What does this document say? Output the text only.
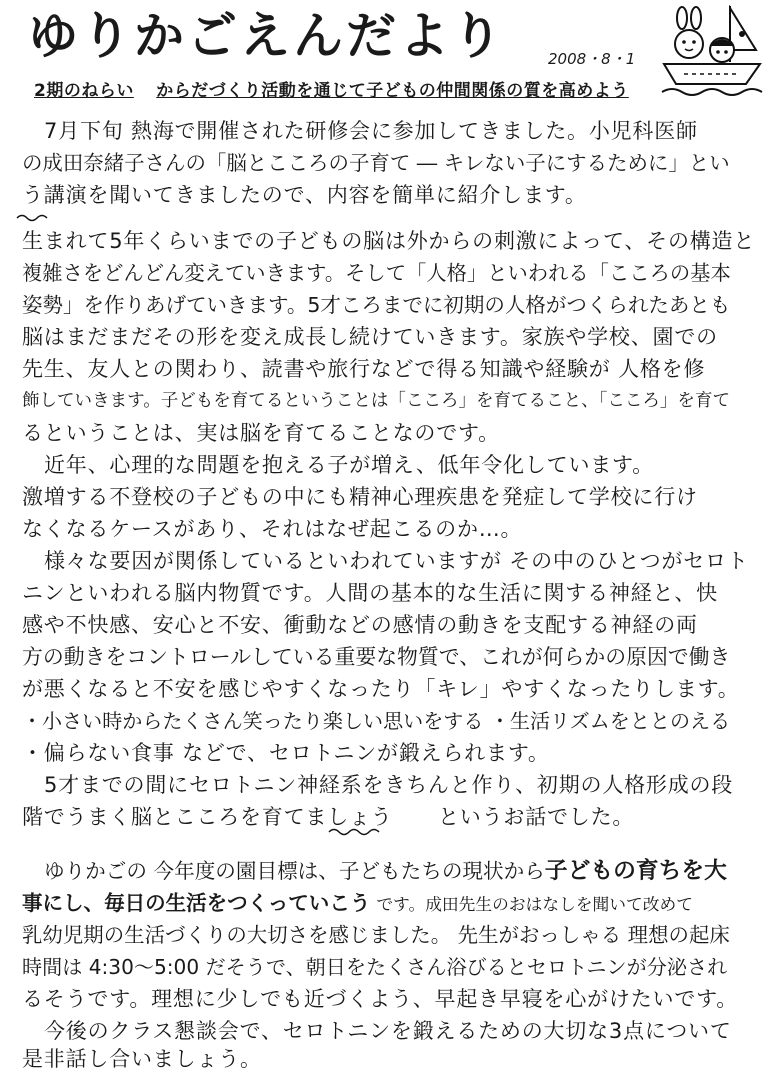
ゆりかごえんだより	2008・8・1
2期のねらい からだづくり活動を通じて子どもの仲間関係の質を高めよう
7月下旬 熱海で開催された研修会に参加してきました。小児科医師
の成田奈緒子さんの「脳とこころの子育て ― キレない子にするために」とい
う講演を聞いてきましたので、内容を簡単に紹介します。
生まれて5年くらいまでの子どもの脳は外からの刺激によって、その構造と
複雑さをどんどん変えていきます。そして「人格」といわれる「こころの基本
姿勢」を作りあげていきます。5才ころまでに初期の人格がつくられたあとも
脳はまだまだその形を変え成長し続けていきます。家族や学校、園での
先生、友人との関わり、読書や旅行などで得る知識や経験が 人格を修
飾していきます。子どもを育てるということは「こころ」を育てること、「こころ」を育て
るということは、実は脳を育てることなのです。
近年、心理的な問題を抱える子が増え、低年令化しています。
激増する不登校の子どもの中にも精神心理疾患を発症して学校に行け
なくなるケースがあり、それはなぜ起こるのか…。
様々な要因が関係しているといわれていますが その中のひとつがセロト
ニンといわれる脳内物質です。人間の基本的な生活に関する神経と、快
感や不快感、安心と不安、衝動などの感情の動きを支配する神経の両
方の動きをコントロールしている重要な物質で、これが何らかの原因で働き
が悪くなると不安を感じやすくなったり「キレ」やすくなったりします。
・小さい時からたくさん笑ったり楽しい思いをする ・生活リズムをととのえる
・偏らない食事 などで、セロトニンが鍛えられます。
5才までの間にセロトニン神経系をきちんと作り、初期の人格形成の段
階でうまく脳とこころを育てましょう というお話でした。
ゆりかごの 今年度の園目標は、子どもたちの現状から子どもの育ちを大
事にし、毎日の生活をつくっていこう です。成田先生のおはなしを聞いて改めて
乳幼児期の生活づくりの大切さを感じました。 先生がおっしゃる 理想の起床
時間は 4:30～5:00 だそうで、朝日をたくさん浴びるとセロトニンが分泌され
るそうです。理想に少しでも近づくよう、早起き早寝を心がけたいです。
今後のクラス懇談会で、セロトニンを鍛えるための大切な3点について
是非話し合いましょう。
